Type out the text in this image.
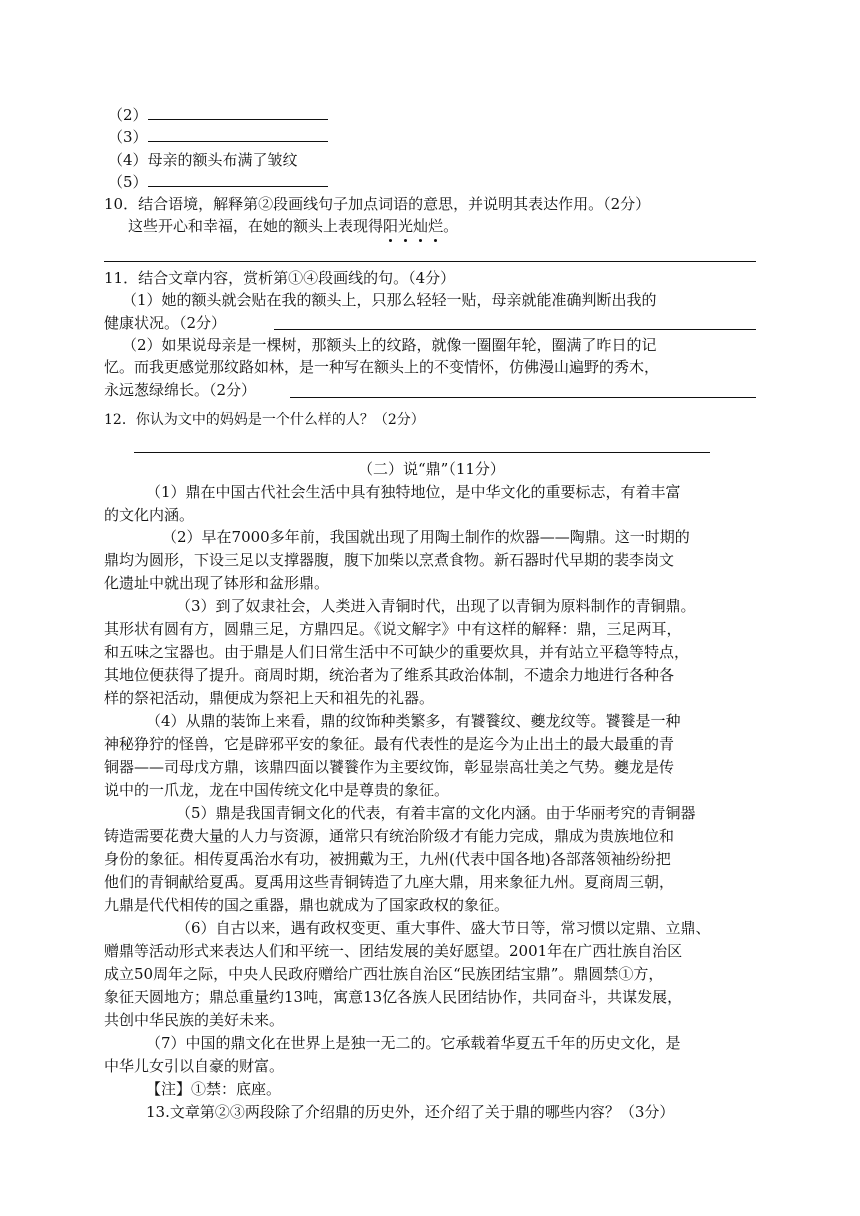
（2）
（3）
（4）母亲的额头布满了皱纹
（5）
10．结合语境，解释第②段画线句子加点词语的意思，并说明其表达作用。（2分）
这些开心和幸福，在她的额头上表现得阳光灿烂。
11．结合文章内容，赏析第①④段画线的句。（4分）
（1）她的额头就会贴在我的额头上，只那么轻轻一贴，母亲就能准确判断出我的
健康状况。（2分）
（2）如果说母亲是一棵树，那额头上的纹路，就像一圈圈年轮，圈满了昨日的记
忆。而我更感觉那纹路如林，是一种写在额头上的不变情怀，仿佛漫山遍野的秀木，
永远葱绿绵长。（2分）
12．你认为文中的妈妈是一个什么样的人？（2分）
（二）说“鼎”（11分）
（1）鼎在中国古代社会生活中具有独特地位，是中华文化的重要标志，有着丰富
的文化内涵。
（2）早在7000多年前，我国就出现了用陶土制作的炊器——陶鼎。这一时期的
鼎均为圆形，下设三足以支撑器腹，腹下加柴以烹煮食物。新石器时代早期的裴李岗文
化遗址中就出现了钵形和盆形鼎。
（3）到了奴隶社会，人类进入青铜时代，出现了以青铜为原料制作的青铜鼎。
其形状有圆有方，圆鼎三足，方鼎四足。《说文解字》中有这样的解释：鼎，三足两耳，
和五味之宝器也。由于鼎是人们日常生活中不可缺少的重要炊具，并有站立平稳等特点，
其地位便获得了提升。商周时期，统治者为了维系其政治体制，不遗余力地进行各种各
样的祭祀活动，鼎便成为祭祀上天和祖先的礼器。
（4）从鼎的装饰上来看，鼎的纹饰种类繁多，有饕餮纹、夔龙纹等。饕餮是一种
神秘狰狞的怪兽，它是辟邪平安的象征。最有代表性的是迄今为止出土的最大最重的青
铜器——司母戊方鼎，该鼎四面以饕餮作为主要纹饰，彰显崇高壮美之气势。夔龙是传
说中的一爪龙，龙在中国传统文化中是尊贵的象征。
（5）鼎是我国青铜文化的代表，有着丰富的文化内涵。由于华丽考究的青铜器
铸造需要花费大量的人力与资源，通常只有统治阶级才有能力完成，鼎成为贵族地位和
身份的象征。相传夏禹治水有功，被拥戴为王，九州(代表中国各地)各部落领袖纷纷把
他们的青铜献给夏禹。夏禹用这些青铜铸造了九座大鼎，用来象征九州。夏商周三朝，
九鼎是代代相传的国之重器，鼎也就成为了国家政权的象征。
（6）自古以来，遇有政权变更、重大事件、盛大节日等，常习惯以定鼎、立鼎、
赠鼎等活动形式来表达人们和平统一、团结发展的美好愿望。2001年在广西壮族自治区
成立50周年之际，中央人民政府赠给广西壮族自治区“民族团结宝鼎”。鼎圆禁①方，
象征天圆地方；鼎总重量约13吨，寓意13亿各族人民团结协作，共同奋斗，共谋发展，
共创中华民族的美好未来。
（7）中国的鼎文化在世界上是独一无二的。它承载着华夏五千年的历史文化，是
中华儿女引以自豪的财富。
【注】①禁：底座。
13.文章第②③两段除了介绍鼎的历史外，还介绍了关于鼎的哪些内容？（3分）
